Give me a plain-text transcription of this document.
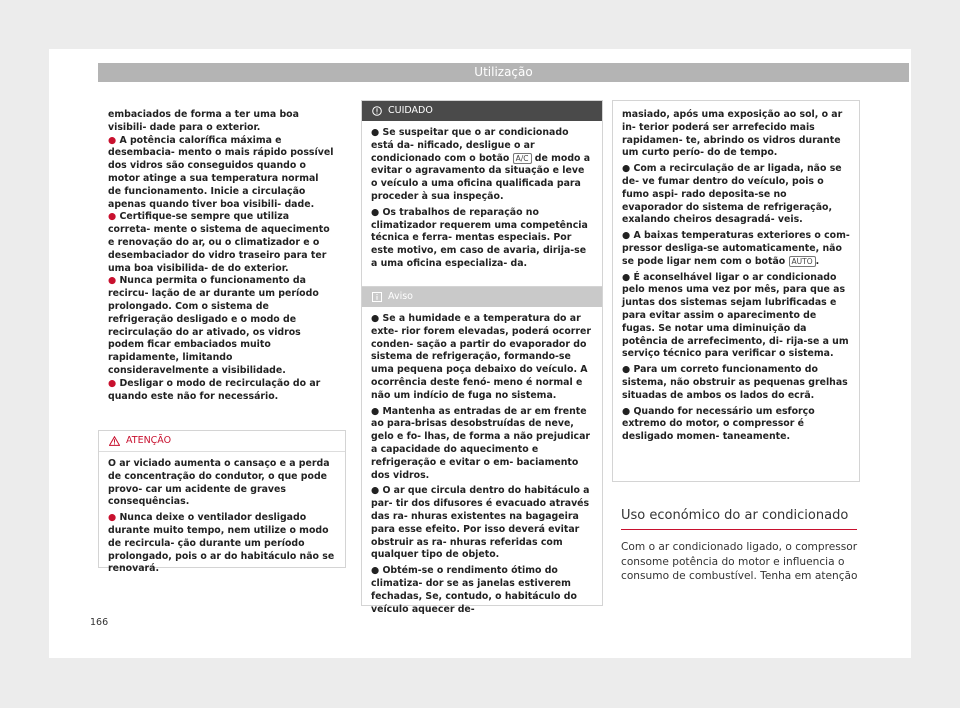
Utilização

embaciados de forma a ter uma boa visibili- dade para o exterior.

● A potência calorífica máxima e desembacia- mento o mais rápido possível dos vidros são conseguidos quando o motor atinge a sua temperatura normal de funcionamento. Inicie a circulação apenas quando tiver boa visibili- dade.

● Certifique-se sempre que utiliza correta- mente o sistema de aquecimento e renovação do ar, ou o climatizador e o desembaciador do vidro traseiro para ter uma boa visibilida- de do exterior.

● Nunca permita o funcionamento da recircu- lação de ar durante um período prolongado. Com o sistema de refrigeração desligado e o modo de recirculação do ar ativado, os vidros podem ficar embaciados muito rapidamente, limitando consideravelmente a visibilidade.

● Desligar o modo de recirculação do ar quando este não for necessário.

ATENÇÃO

O ar viciado aumenta o cansaço e a perda de concentração do condutor, o que pode provo- car um acidente de graves consequências.

● Nunca deixe o ventilador desligado durante muito tempo, nem utilize o modo de recircula- ção durante um período prolongado, pois o ar do habitáculo não se renovará.

CUIDADO

● Se suspeitar que o ar condicionado está da- nificado, desligue o ar condicionado com o botão A/C de modo a evitar o agravamento da situação e leve o veículo a uma oficina qualificada para proceder à sua inspeção.

● Os trabalhos de reparação no climatizador requerem uma competência técnica e ferra- mentas especiais. Por este motivo, em caso de avaria, dirija-se a uma oficina especializa- da.

Aviso

● Se a humidade e a temperatura do ar exte- rior forem elevadas, poderá ocorrer conden- sação a partir do evaporador do sistema de refrigeração, formando-se uma pequena poça debaixo do veículo. A ocorrência deste fenó- meno é normal e não um indício de fuga no sistema.

● Mantenha as entradas de ar em frente ao para-brisas desobstruídas de neve, gelo e fo- lhas, de forma a não prejudicar a capacidade do aquecimento e refrigeração e evitar o em- baciamento dos vidros.

● O ar que circula dentro do habitáculo a par- tir dos difusores é evacuado através das ra- nhuras existentes na bagageira para esse efeito. Por isso deverá evitar obstruir as ra- nhuras referidas com qualquer tipo de objeto.

● Obtém-se o rendimento ótimo do climatiza- dor se as janelas estiverem fechadas, Se, contudo, o habitáculo do veículo aquecer de-

masiado, após uma exposição ao sol, o ar in- terior poderá ser arrefecido mais rapidamen- te, abrindo os vidros durante um curto perío- do de tempo.

● Com a recirculação de ar ligada, não se de- ve fumar dentro do veículo, pois o fumo aspi- rado deposita-se no evaporador do sistema de refrigeração, exalando cheiros desagradá- veis.

● A baixas temperaturas exteriores o com- pressor desliga-se automaticamente, não se pode ligar nem com o botão AUTO .

● É aconselhável ligar o ar condicionado pelo menos uma vez por mês, para que as juntas dos sistemas sejam lubrificadas e para evitar assim o aparecimento de fugas. Se notar uma diminuição da potência de arrefecimento, di- rija-se a um serviço técnico para verificar o sistema.

● Para um correto funcionamento do sistema, não obstruir as pequenas grelhas situadas de ambos os lados do ecrã.

● Quando for necessário um esforço extremo do motor, o compressor é desligado momen- taneamente.

Uso económico do ar condicionado
Com o ar condicionado ligado, o compressor consome potência do motor e influencia o consumo de combustível. Tenha em atenção
166
